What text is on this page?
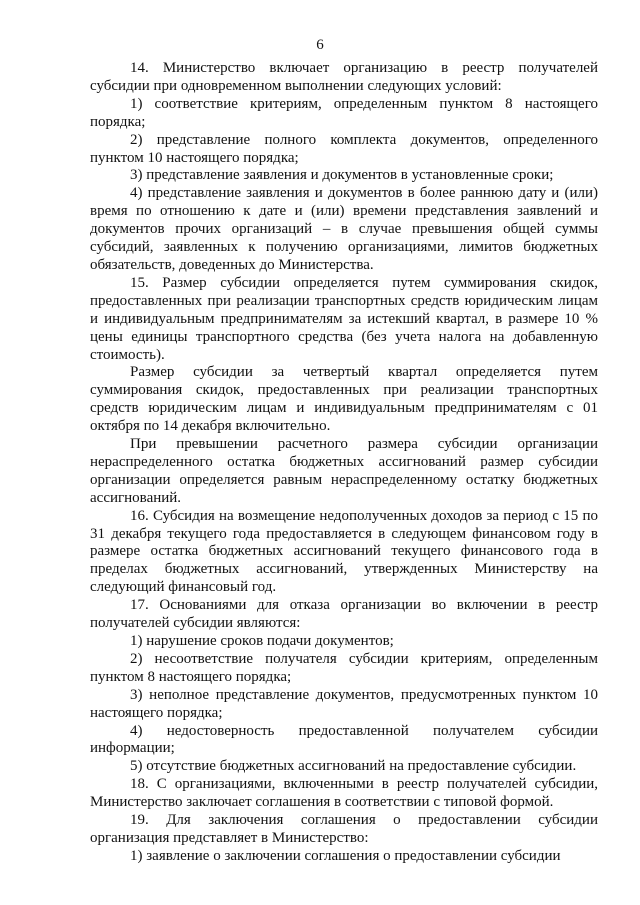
6

14. Министерство включает организацию в реестр получателей субсидии при одновременном выполнении следующих условий:

1) соответствие критериям, определенным пунктом 8 настоящего порядка;

2) представление полного комплекта документов, определенного пунктом 10 настоящего порядка;

3) представление заявления и документов в установленные сроки;

4) представление заявления и документов в более раннюю дату и (или) время по отношению к дате и (или) времени представления заявлений и документов прочих организаций – в случае превышения общей суммы субсидий, заявленных к получению организациями, лимитов бюджетных обязательств, доведенных до Министерства.

15. Размер субсидии определяется путем суммирования скидок, предоставленных при реализации транспортных средств юридическим лицам и индивидуальным предпринимателям за истекший квартал, в размере 10 % цены единицы транспортного средства (без учета налога на добавленную стоимость).

Размер субсидии за четвертый квартал определяется путем суммирования скидок, предоставленных при реализации транспортных средств юридическим лицам и индивидуальным предпринимателям с 01 октября по 14 декабря включительно.

При превышении расчетного размера субсидии организации нераспределенного остатка бюджетных ассигнований размер субсидии организации определяется равным нераспределенному остатку бюджетных ассигнований.

16. Субсидия на возмещение недополученных доходов за период с 15 по 31 декабря текущего года предоставляется в следующем финансовом году в размере остатка бюджетных ассигнований текущего финансового года в пределах бюджетных ассигнований, утвержденных Министерству на следующий финансовый год.

17. Основаниями для отказа организации во включении в реестр получателей субсидии являются:

1) нарушение сроков подачи документов;

2) несоответствие получателя субсидии критериям, определенным пунктом 8 настоящего порядка;

3) неполное представление документов, предусмотренных пунктом 10 настоящего порядка;

4) недостоверность предоставленной получателем субсидии информации;

5) отсутствие бюджетных ассигнований на предоставление субсидии.

18. С организациями, включенными в реестр получателей субсидии, Министерство заключает соглашения в соответствии с типовой формой.

19. Для заключения соглашения о предоставлении субсидии организация представляет в Министерство:

1) заявление о заключении соглашения о предоставлении субсидии
